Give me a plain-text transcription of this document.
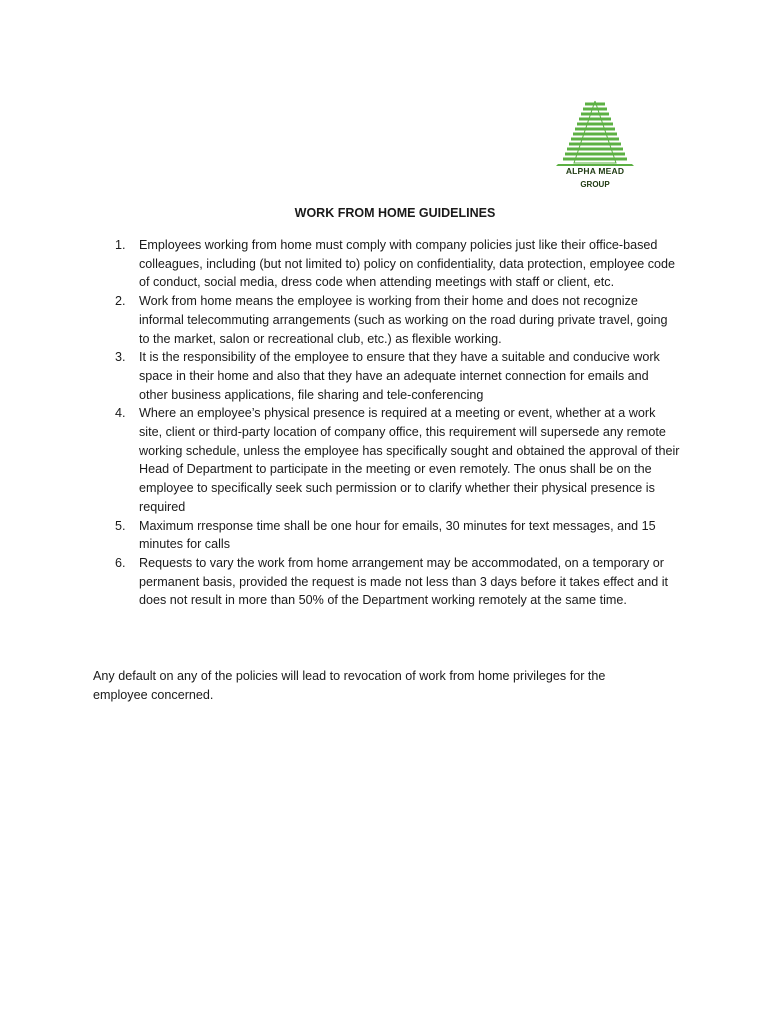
ALPHA MEAD
GROUP
WORK FROM HOME GUIDELINES
1. Employees working from home must comply with company policies just like their office-based colleagues, including (but not limited to) policy on confidentiality, data protection, employee code of conduct, social media, dress code when attending meetings with staff or client, etc.
2. Work from home means the employee is working from their home and does not recognize informal telecommuting arrangements (such as working on the road during private travel, going to the market, salon or recreational club, etc.) as flexible working.
3. It is the responsibility of the employee to ensure that they have a suitable and conducive work space in their home and also that they have an adequate internet connection for emails and other business applications, file sharing and tele-conferencing
4. Where an employee’s physical presence is required at a meeting or event, whether at a work site, client or third-party location of company office, this requirement will supersede any remote working schedule, unless the employee has specifically sought and obtained the approval of their Head of Department to participate in the meeting or even remotely. The onus shall be on the employee to specifically seek such permission or to clarify whether their physical presence is required
5. Maximum rresponse time shall be one hour for emails, 30 minutes for text messages, and 15 minutes for calls
6. Requests to vary the work from home arrangement may be accommodated, on a temporary or permanent basis, provided the request is made not less than 3 days before it takes effect and it does not result in more than 50% of the Department working remotely at the same time.
Any default on any of the policies will lead to revocation of work from home privileges for the employee concerned.
